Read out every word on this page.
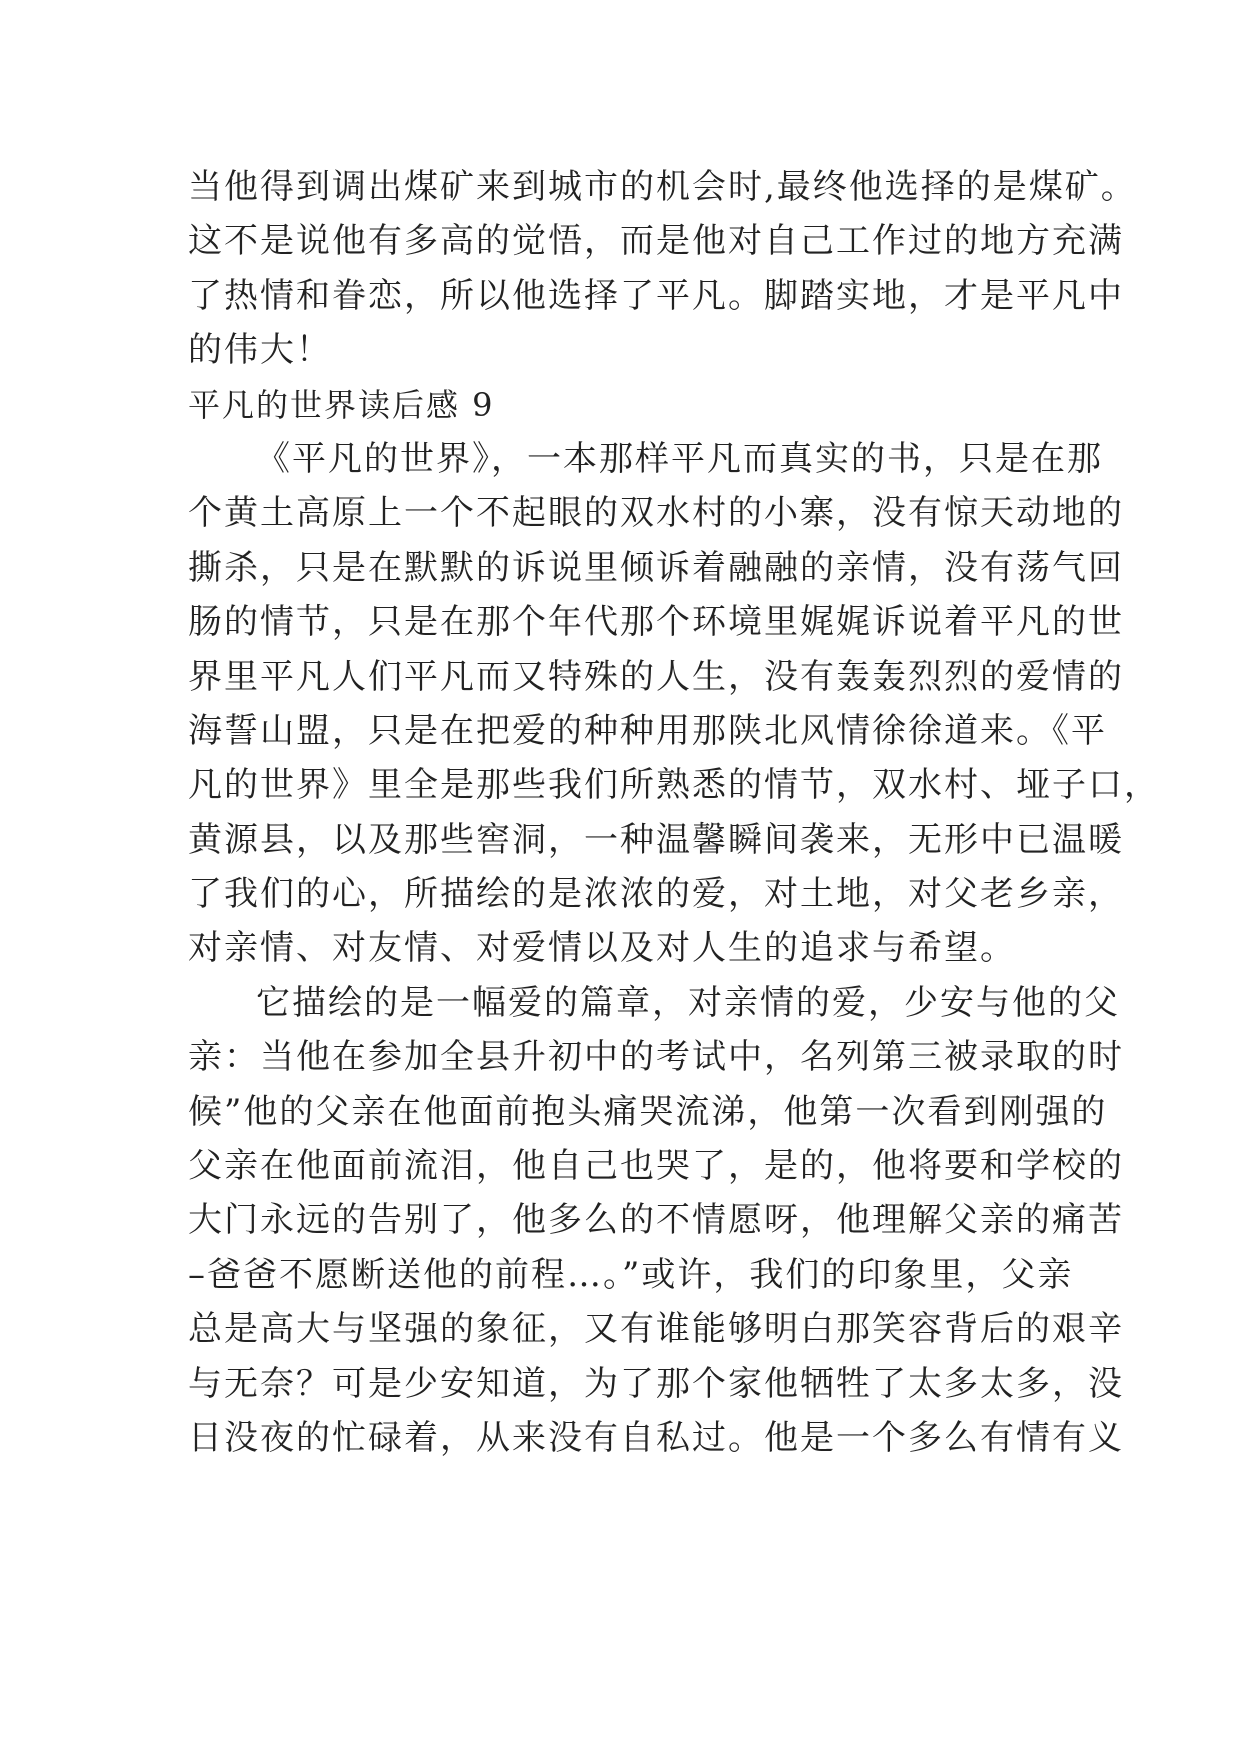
当他得到调出煤矿来到城市的机会时,最终他选择的是煤矿。
这不是说他有多高的觉悟，而是他对自己工作过的地方充满
了热情和眷恋，所以他选择了平凡。脚踏实地，才是平凡中
的伟大！
平凡的世界读后感 9
《平凡的世界》，一本那样平凡而真实的书，只是在那
个黄土高原上一个不起眼的双水村的小寨，没有惊天动地的
撕杀，只是在默默的诉说里倾诉着融融的亲情，没有荡气回
肠的情节，只是在那个年代那个环境里娓娓诉说着平凡的世
界里平凡人们平凡而又特殊的人生，没有轰轰烈烈的爱情的
海誓山盟，只是在把爱的种种用那陕北风情徐徐道来。《平
凡的世界》里全是那些我们所熟悉的情节，双水村、垭子口，
黄源县，以及那些窖洞，一种温馨瞬间袭来，无形中已温暖
了我们的心，所描绘的是浓浓的爱，对土地，对父老乡亲，
对亲情、对友情、对爱情以及对人生的追求与希望。
它描绘的是一幅爱的篇章，对亲情的爱，少安与他的父
亲：当他在参加全县升初中的考试中，名列第三被录取的时
候”他的父亲在他面前抱头痛哭流涕，他第一次看到刚强的
父亲在他面前流泪，他自己也哭了，是的，他将要和学校的
大门永远的告别了，他多么的不情愿呀，他理解父亲的痛苦
–爸爸不愿断送他的前程…。”或许，我们的印象里，父亲
总是高大与坚强的象征，又有谁能够明白那笑容背后的艰辛
与无奈？可是少安知道，为了那个家他牺牲了太多太多，没
日没夜的忙碌着，从来没有自私过。他是一个多么有情有义
